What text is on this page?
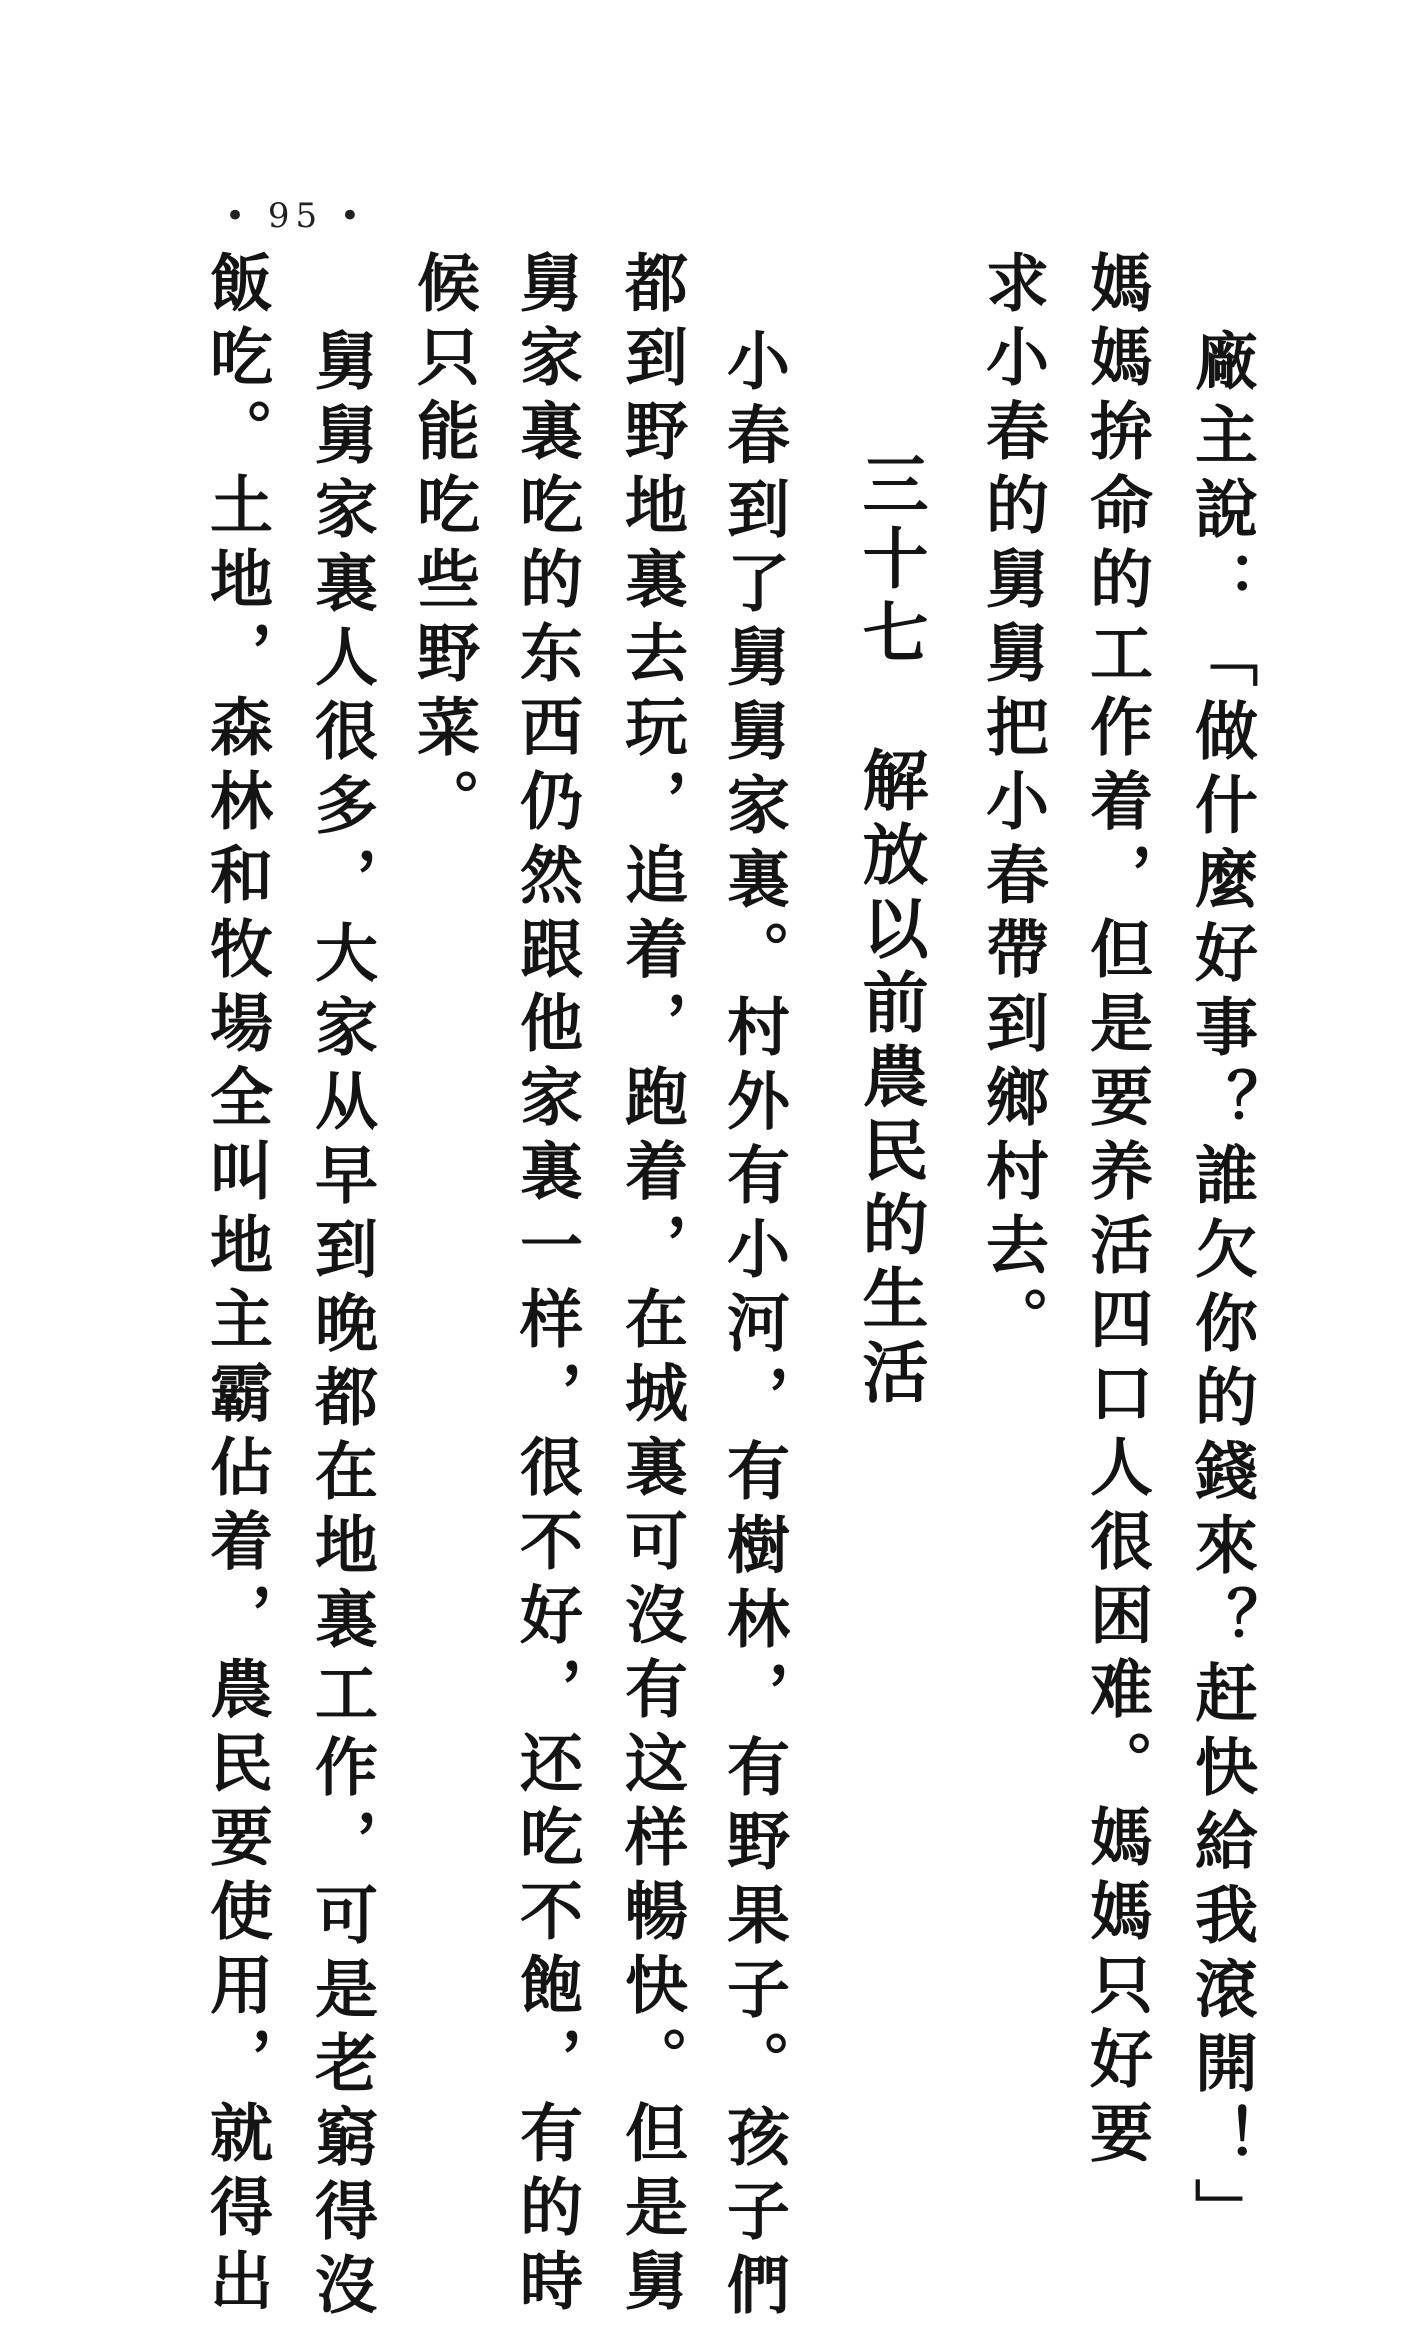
• 95 •
廠主說：「做什麼好事？誰欠你的錢來？赶快給我滾開！」
媽媽拚命的工作着，但是要养活四口人很困难。媽媽只好要
求小春的舅舅把小春帶到鄉村去。
三十七　解放以前農民的生活
小春到了舅舅家裏。村外有小河，有樹林，有野果子。孩子們
都到野地裏去玩，追着，跑着，在城裏可沒有这样暢快。但是舅
舅家裏吃的东西仍然跟他家裏一样，很不好，还吃不飽，有的時
候只能吃些野菜。
舅舅家裏人很多，大家从早到晚都在地裏工作，可是老窮得沒
飯吃。土地，森林和牧場全叫地主霸佔着，農民要使用，就得出
